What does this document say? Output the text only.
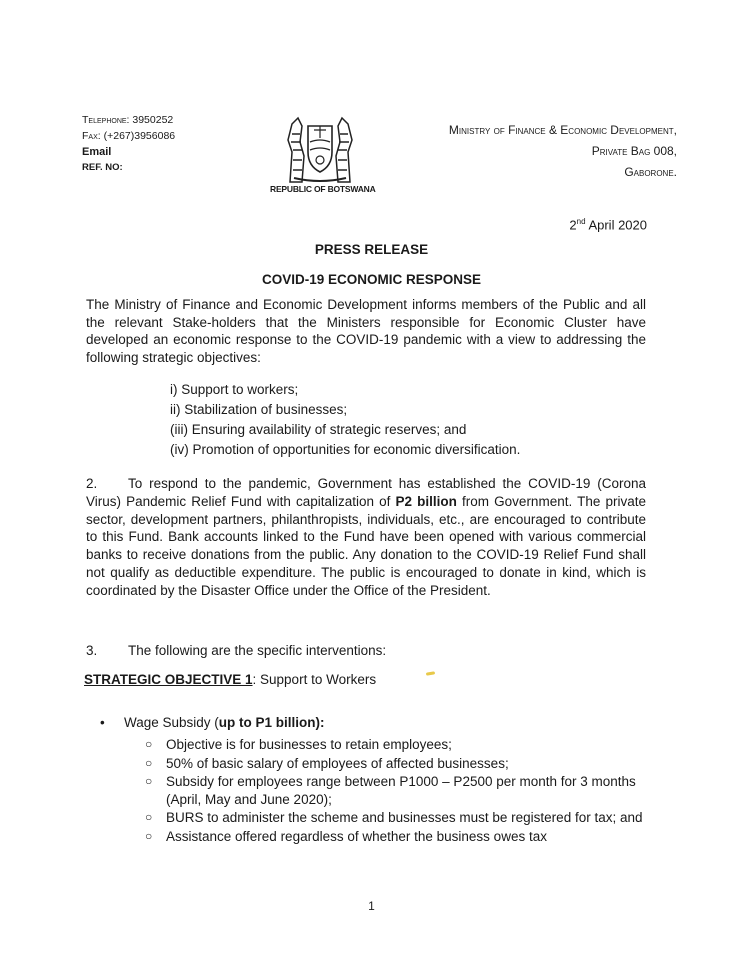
Telephone: 3950252
Fax: (+267)3956086
Email
REF. NO:
REPUBLIC OF BOTSWANA
Ministry of Finance & Economic Development,
Private Bag 008,
Gaborone.
2nd April 2020
PRESS RELEASE
COVID-19 ECONOMIC RESPONSE
The Ministry of Finance and Economic Development informs members of the Public and all the relevant Stake-holders that the Ministers responsible for Economic Cluster have developed an economic response to the COVID-19 pandemic with a view to addressing the following strategic objectives:
i) Support to workers;
ii) Stabilization of businesses;
(iii) Ensuring availability of strategic reserves; and
(iv) Promotion of opportunities for economic diversification.
2. To respond to the pandemic, Government has established the COVID-19 (Corona Virus) Pandemic Relief Fund with capitalization of P2 billion from Government. The private sector, development partners, philanthropists, individuals, etc., are encouraged to contribute to this Fund. Bank accounts linked to the Fund have been opened with various commercial banks to receive donations from the public. Any donation to the COVID-19 Relief Fund shall not qualify as deductible expenditure. The public is encouraged to donate in kind, which is coordinated by the Disaster Office under the Office of the President.
3. The following are the specific interventions:
STRATEGIC OBJECTIVE 1: Support to Workers
• Wage Subsidy (up to P1 billion):
○ Objective is for businesses to retain employees;
○ 50% of basic salary of employees of affected businesses;
○ Subsidy for employees range between P1000 – P2500 per month for 3 months (April, May and June 2020);
○ BURS to administer the scheme and businesses must be registered for tax; and
○ Assistance offered regardless of whether the business owes tax
1
